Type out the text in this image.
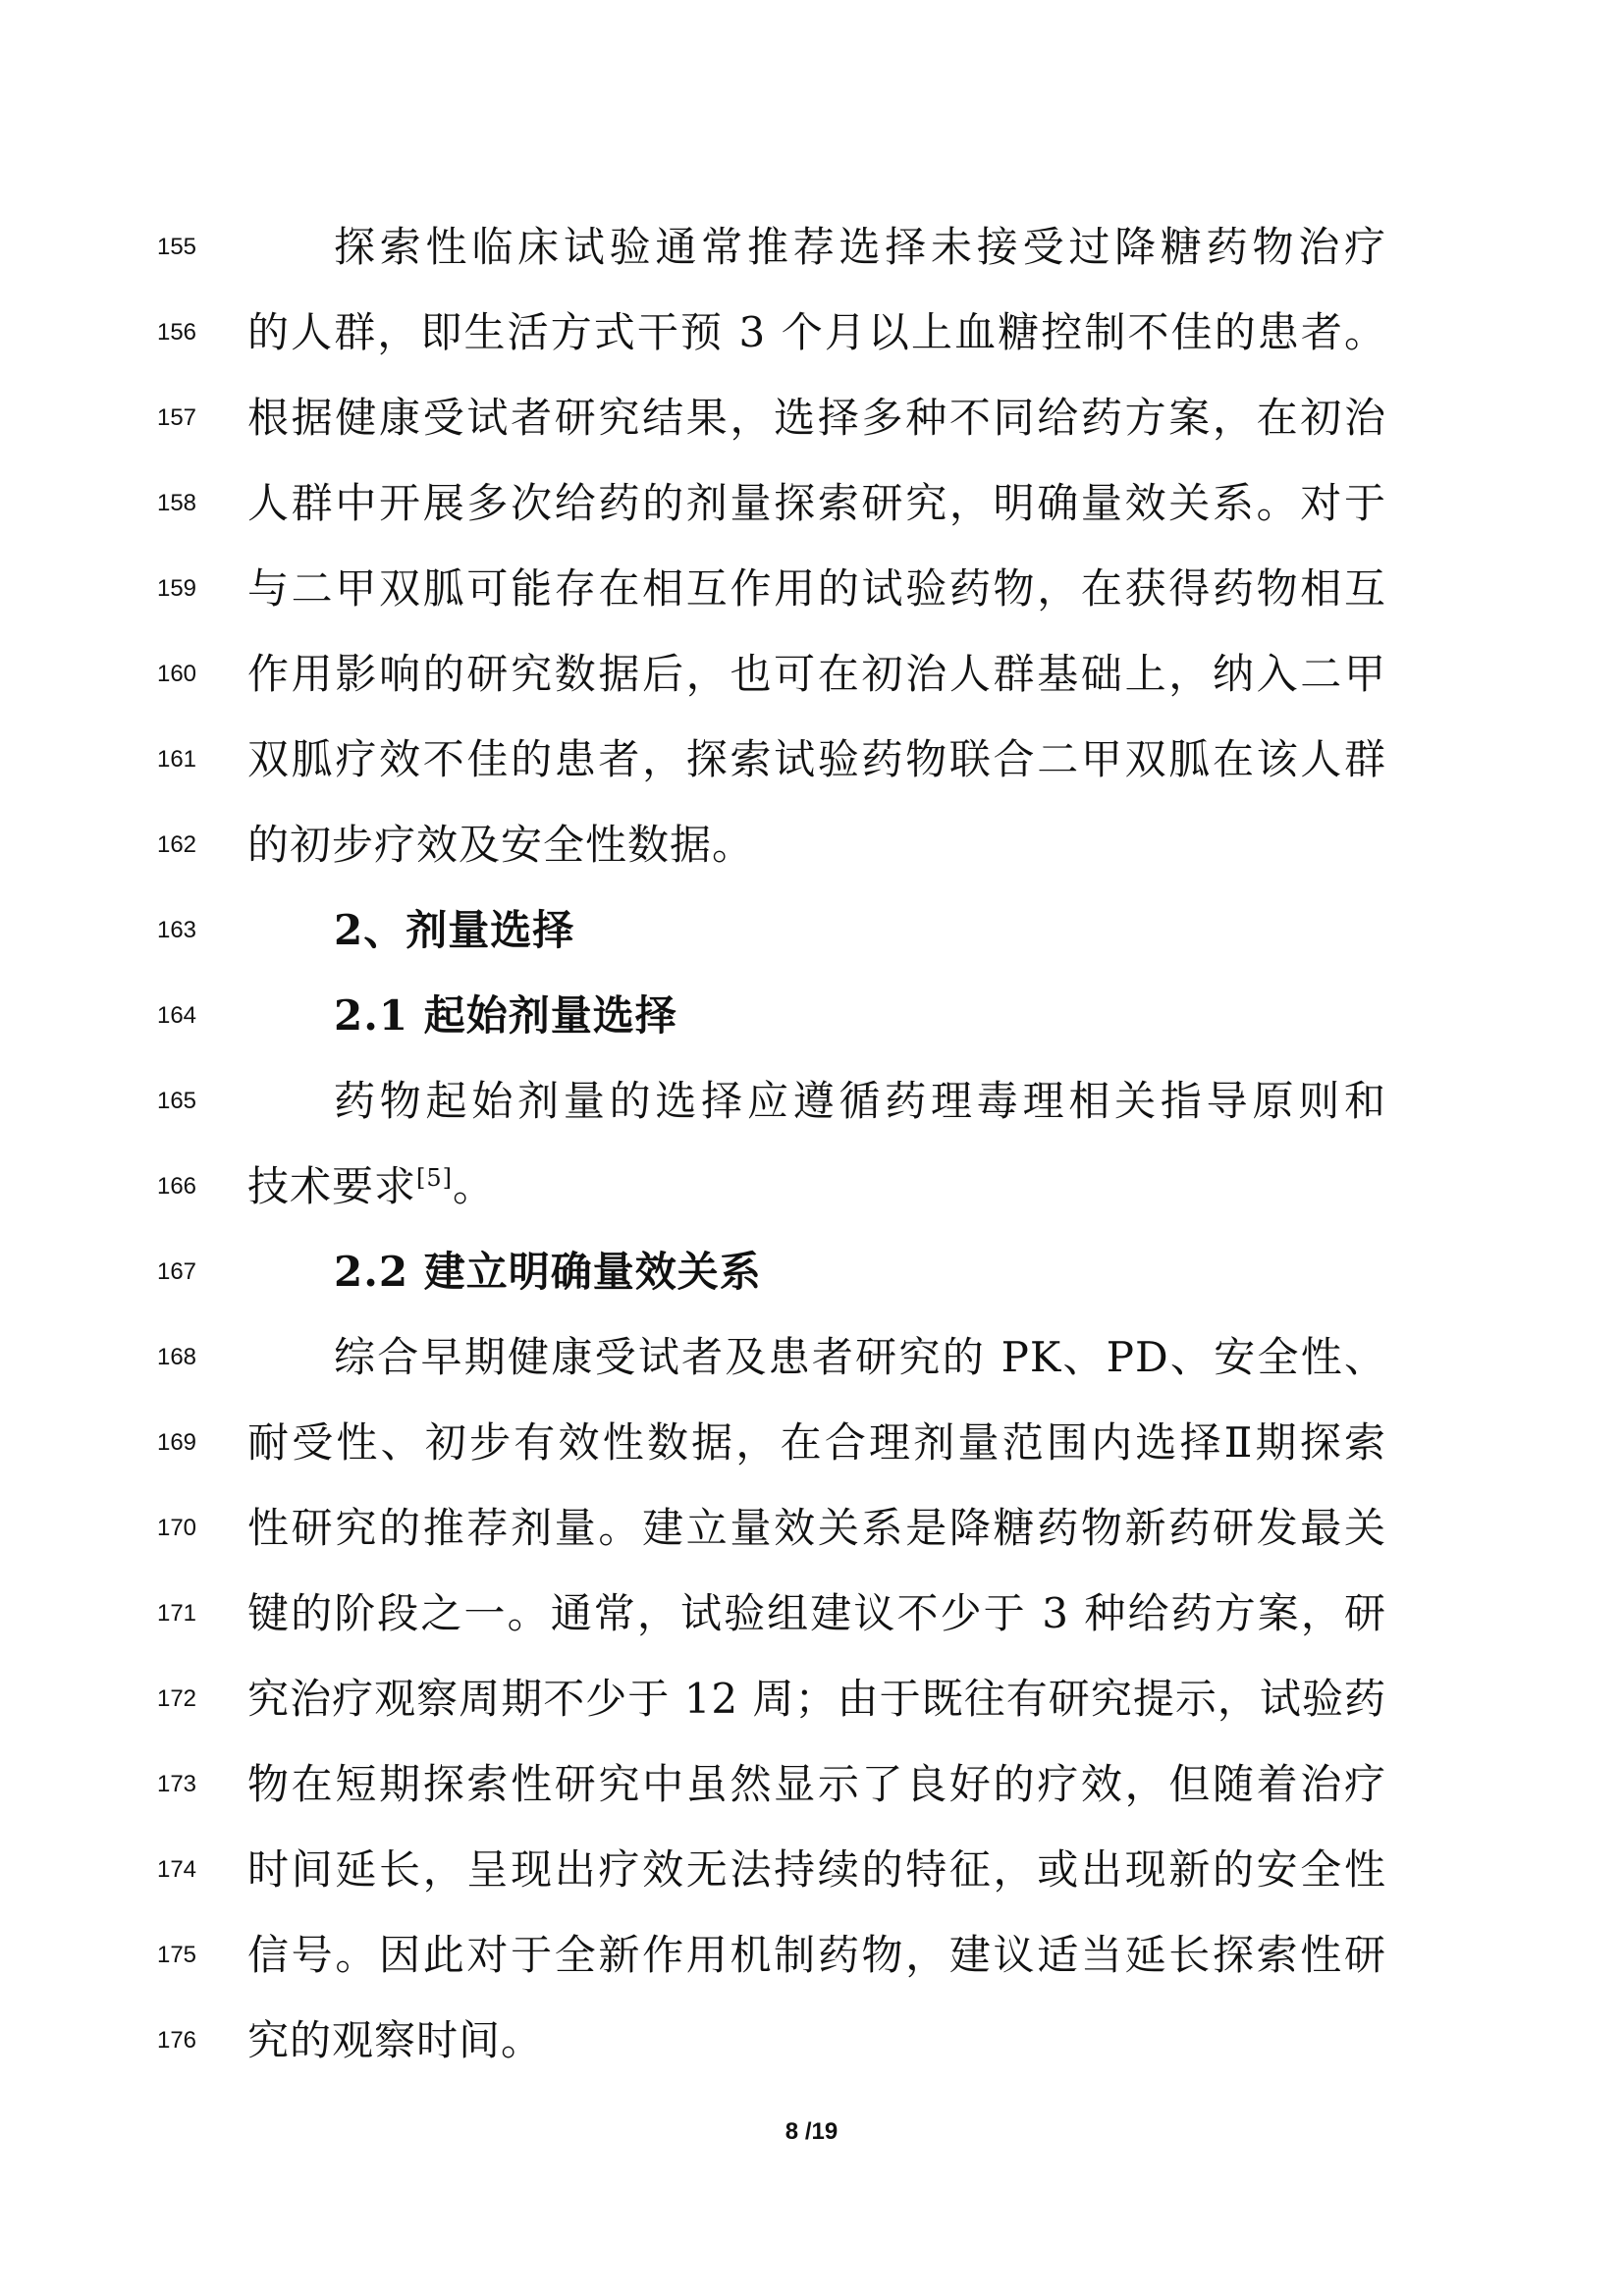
155	探索性临床试验通常推荐选择未接受过降糖药物治疗
156 的人群，即生活方式干预 3 个月以上血糖控制不佳的患者。
157 根据健康受试者研究结果，选择多种不同给药方案，在初治
158 人群中开展多次给药的剂量探索研究，明确量效关系。对于
159 与二甲双胍可能存在相互作用的试验药物，在获得药物相互
160 作用影响的研究数据后，也可在初治人群基础上，纳入二甲
161 双胍疗效不佳的患者，探索试验药物联合二甲双胍在该人群
162 的初步疗效及安全性数据。
163	2、剂量选择
164	2.1 起始剂量选择
165	药物起始剂量的选择应遵循药理毒理相关指导原则和
166 技术要求[5]。
167	2.2 建立明确量效关系
168	综合早期健康受试者及患者研究的 PK、PD、安全性、
169 耐受性、初步有效性数据，在合理剂量范围内选择Ⅱ期探索
170 性研究的推荐剂量。建立量效关系是降糖药物新药研发最关
171 键的阶段之一。通常，试验组建议不少于 3 种给药方案，研
172 究治疗观察周期不少于 12 周；由于既往有研究提示，试验药
173 物在短期探索性研究中虽然显示了良好的疗效，但随着治疗
174 时间延长，呈现出疗效无法持续的特征，或出现新的安全性
175 信号。因此对于全新作用机制药物，建议适当延长探索性研
176 究的观察时间。
8 /19
